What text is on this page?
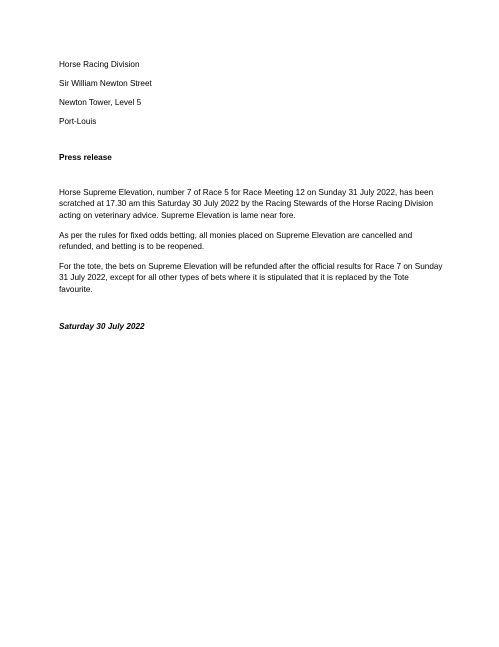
Horse Racing Division
Sir William Newton Street
Newton Tower, Level 5
Port-Louis
Press release

Horse Supreme Elevation, number 7 of Race 5 for Race Meeting 12 on Sunday 31 July 2022, has been scratched at 17.30 am this Saturday 30 July 2022 by the Racing Stewards of the Horse Racing Division acting on veterinary advice. Supreme Elevation is lame near fore.

As per the rules for fixed odds betting, all monies placed on Supreme Elevation are cancelled and refunded, and betting is to be reopened.

For the tote, the bets on Supreme Elevation will be refunded after the official results for Race 7 on Sunday 31 July 2022, except for all other types of bets where it is stipulated that it is replaced by the Tote favourite.

Saturday 30 July 2022
